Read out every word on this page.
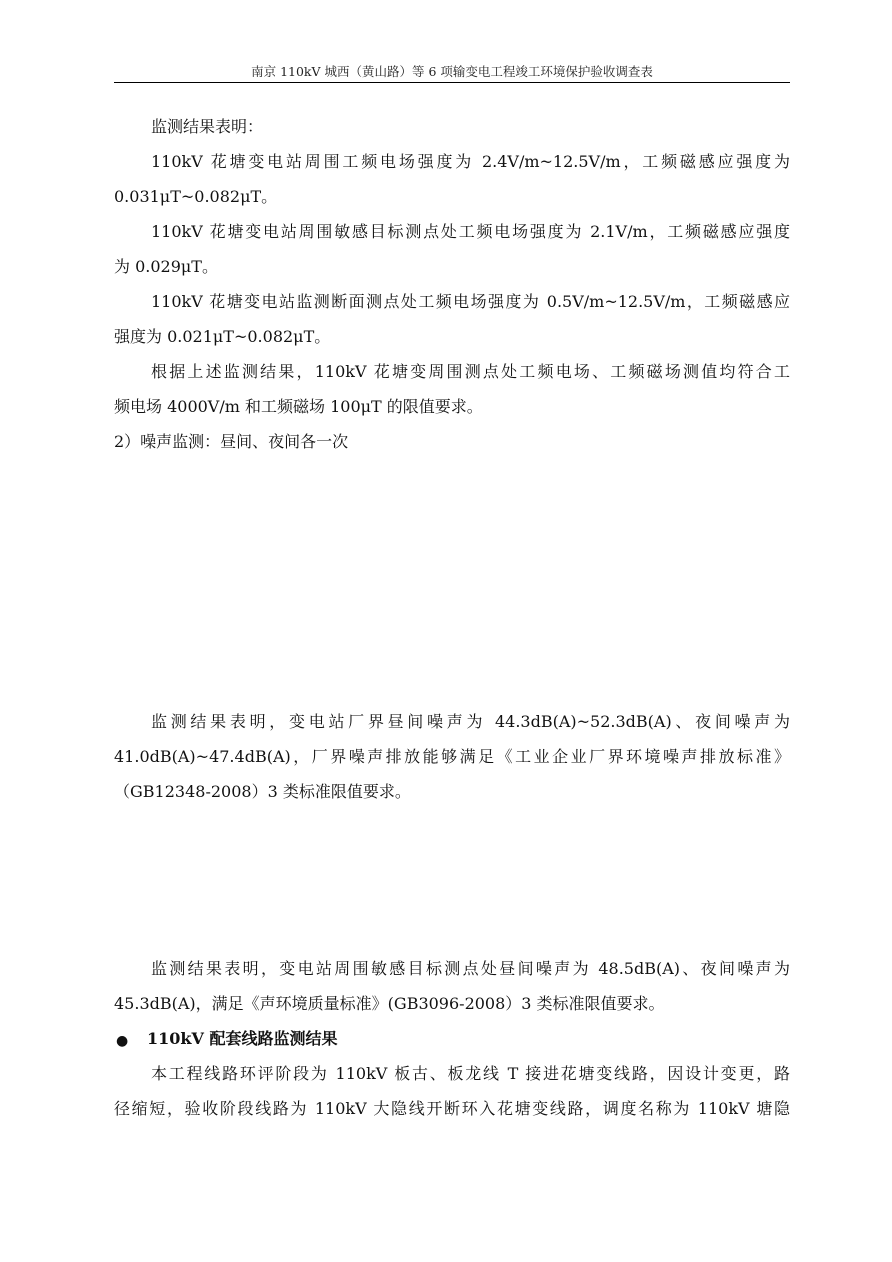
南京 110kV 城西（黄山路）等 6 项输变电工程竣工环境保护验收调查表
监测结果表明：
110kV 花塘变电站周围工频电场强度为 2.4V/m~12.5V/m，工频磁感应强度为
0.031μT~0.082μT。
110kV 花塘变电站周围敏感目标测点处工频电场强度为 2.1V/m，工频磁感应强度
为 0.029μT。
110kV 花塘变电站监测断面测点处工频电场强度为 0.5V/m~12.5V/m，工频磁感应
强度为 0.021μT~0.082μT。
根据上述监测结果，110kV 花塘变周围测点处工频电场、工频磁场测值均符合工
频电场 4000V/m 和工频磁场 100μT 的限值要求。
2）噪声监测：昼间、夜间各一次
监测结果表明，变电站厂界昼间噪声为 44.3dB(A)~52.3dB(A)、夜间噪声为
41.0dB(A)~47.4dB(A)，厂界噪声排放能够满足《工业企业厂界环境噪声排放标准》
（GB12348-2008）3 类标准限值要求。
监测结果表明，变电站周围敏感目标测点处昼间噪声为 48.5dB(A)、夜间噪声为
45.3dB(A)，满足《声环境质量标准》(GB3096-2008）3 类标准限值要求。
● 110kV 配套线路监测结果
本工程线路环评阶段为 110kV 板古、板龙线 T 接进花塘变线路，因设计变更，路
径缩短，验收阶段线路为 110kV 大隐线开断环入花塘变线路，调度名称为 110kV 塘隐
